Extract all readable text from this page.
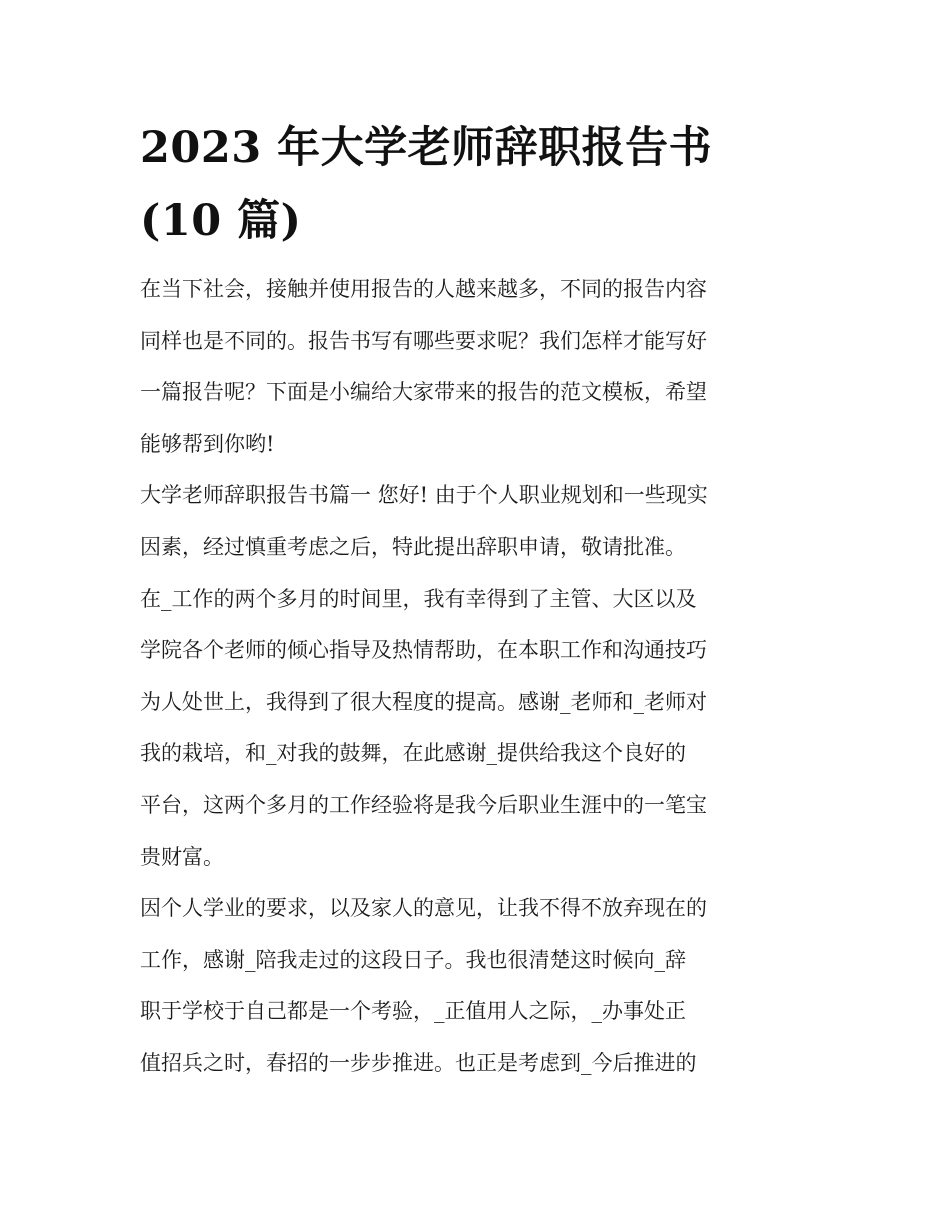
2023 年大学老师辞职报告书
(10 篇)
在当下社会，接触并使用报告的人越来越多，不同的报告内容
同样也是不同的。报告书写有哪些要求呢？我们怎样才能写好
一篇报告呢？下面是小编给大家带来的报告的范文模板，希望
能够帮到你哟!
大学老师辞职报告书篇一 您好! 由于个人职业规划和一些现实
因素，经过慎重考虑之后，特此提出辞职申请，敬请批准。
在_工作的两个多月的时间里，我有幸得到了主管、大区以及
学院各个老师的倾心指导及热情帮助，在本职工作和沟通技巧
为人处世上，我得到了很大程度的提高。感谢_老师和_老师对
我的栽培，和_对我的鼓舞，在此感谢_提供给我这个良好的
平台，这两个多月的工作经验将是我今后职业生涯中的一笔宝
贵财富。
因个人学业的要求，以及家人的意见，让我不得不放弃现在的
工作，感谢_陪我走过的这段日子。我也很清楚这时候向_辞
职于学校于自己都是一个考验，_正值用人之际，_办事处正
值招兵之时，春招的一步步推进。也正是考虑到_今后推进的
